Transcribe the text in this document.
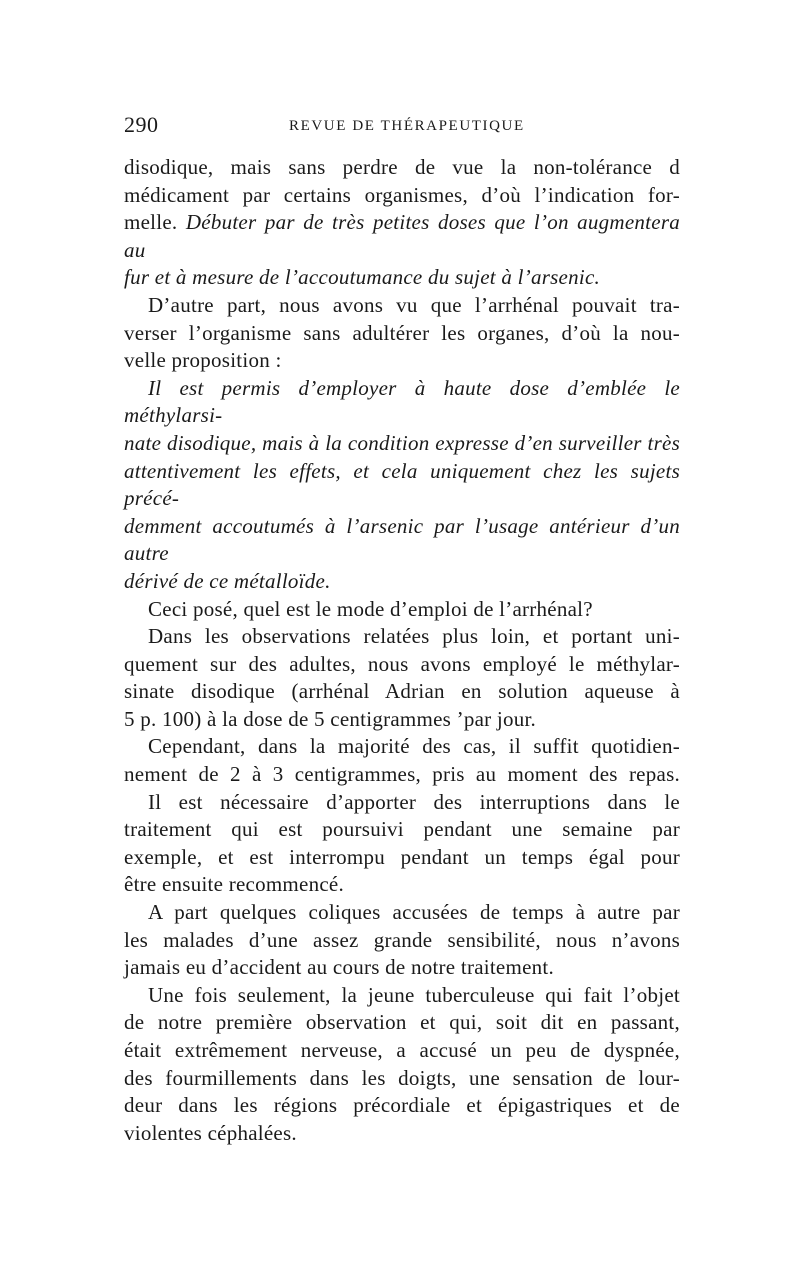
290	REVUE DE THÉRAPEUTIQUE

disodique, mais sans perdre de vue la non-tolérance d

médicament par certains organismes, d’où l’indication for-

melle. Débuter par de très petites doses que l’on augmentera au

fur et à mesure de l’accoutumance du sujet à l’arsenic.

D’autre part, nous avons vu que l’arrhénal pouvait tra-

verser l’organisme sans adultérer les organes, d’où la nou-

velle proposition :

Il est permis d’employer à haute dose d’emblée le méthylarsi-

nate disodique, mais à la condition expresse d’en surveiller très

attentivement les effets, et cela uniquement chez les sujets précé-

demment accoutumés à l’arsenic par l’usage antérieur d’un autre

dérivé de ce métalloïde.

Ceci posé, quel est le mode d’emploi de l’arrhénal?

Dans les observations relatées plus loin, et portant uni-

quement sur des adultes, nous avons employé le méthylar-

sinate disodique (arrhénal Adrian en solution aqueuse à

5 p. 100) à la dose de 5 centigrammes ’par jour.

Cependant, dans la majorité des cas, il suffit quotidien-

nement de 2 à 3 centigrammes, pris au moment des repas.

Il est nécessaire d’apporter des interruptions dans le

traitement qui est poursuivi pendant une semaine par

exemple, et est interrompu pendant un temps égal pour

être ensuite recommencé.

A part quelques coliques accusées de temps à autre par

les malades d’une assez grande sensibilité, nous n’avons

jamais eu d’accident au cours de notre traitement.

Une fois seulement, la jeune tuberculeuse qui fait l’objet

de notre première observation et qui, soit dit en passant,

était extrêmement nerveuse, a accusé un peu de dyspnée,

des fourmillements dans les doigts, une sensation de lour-

deur dans les régions précordiale et épigastriques et de

violentes céphalées.
